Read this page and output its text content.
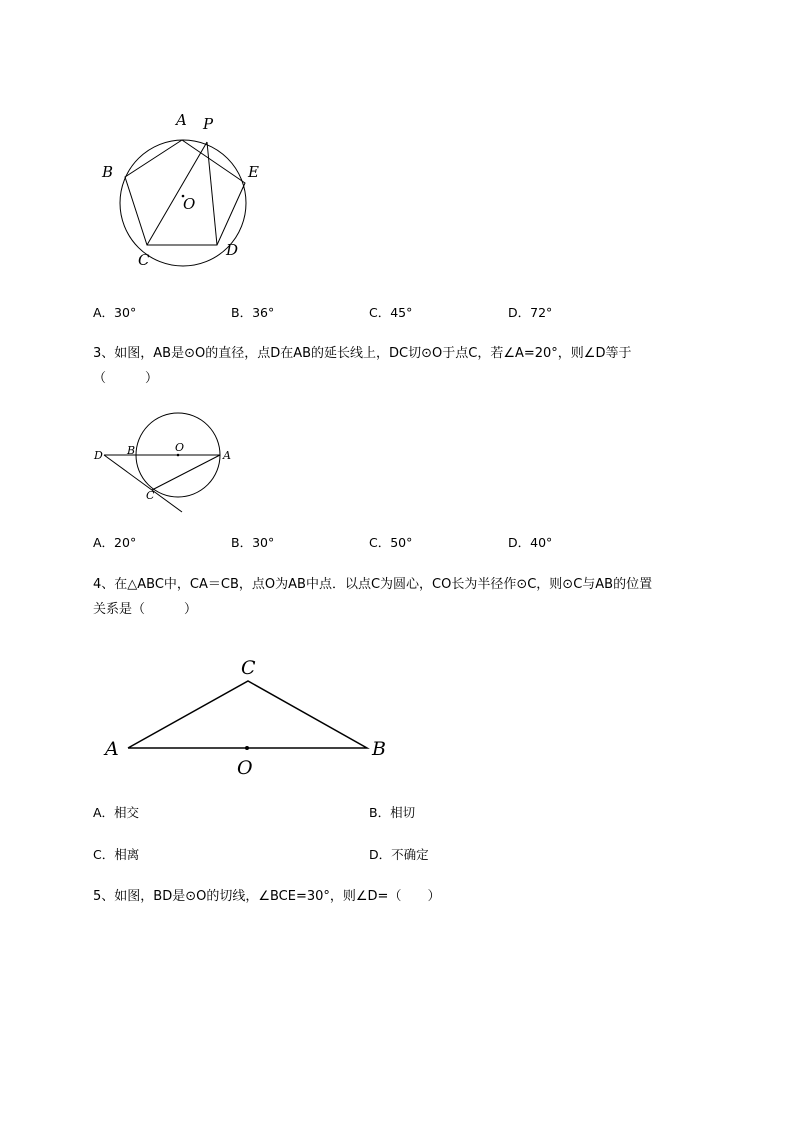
A P
B	E
O
C
D
A．30°	B．36°	C．45°	D．72°
3、如图，AB是⊙O的直径，点D在AB的延长线上，DC切⊙O于点C，若∠A=20°，则∠D等于
（　　　）
D B	O
A
C
A．20°	B．30°	C．50°	D．40°
4、在△ABC中，CA＝CB，点O为AB中点．以点C为圆心，CO长为半径作⊙C，则⊙C与AB的位置
关系是（　　　）
C
A
O
B
A．相交	B．相切
C．相离	D．不确定
5、如图，BD是⊙O的切线，∠BCE=30°，则∠D=（　　）
